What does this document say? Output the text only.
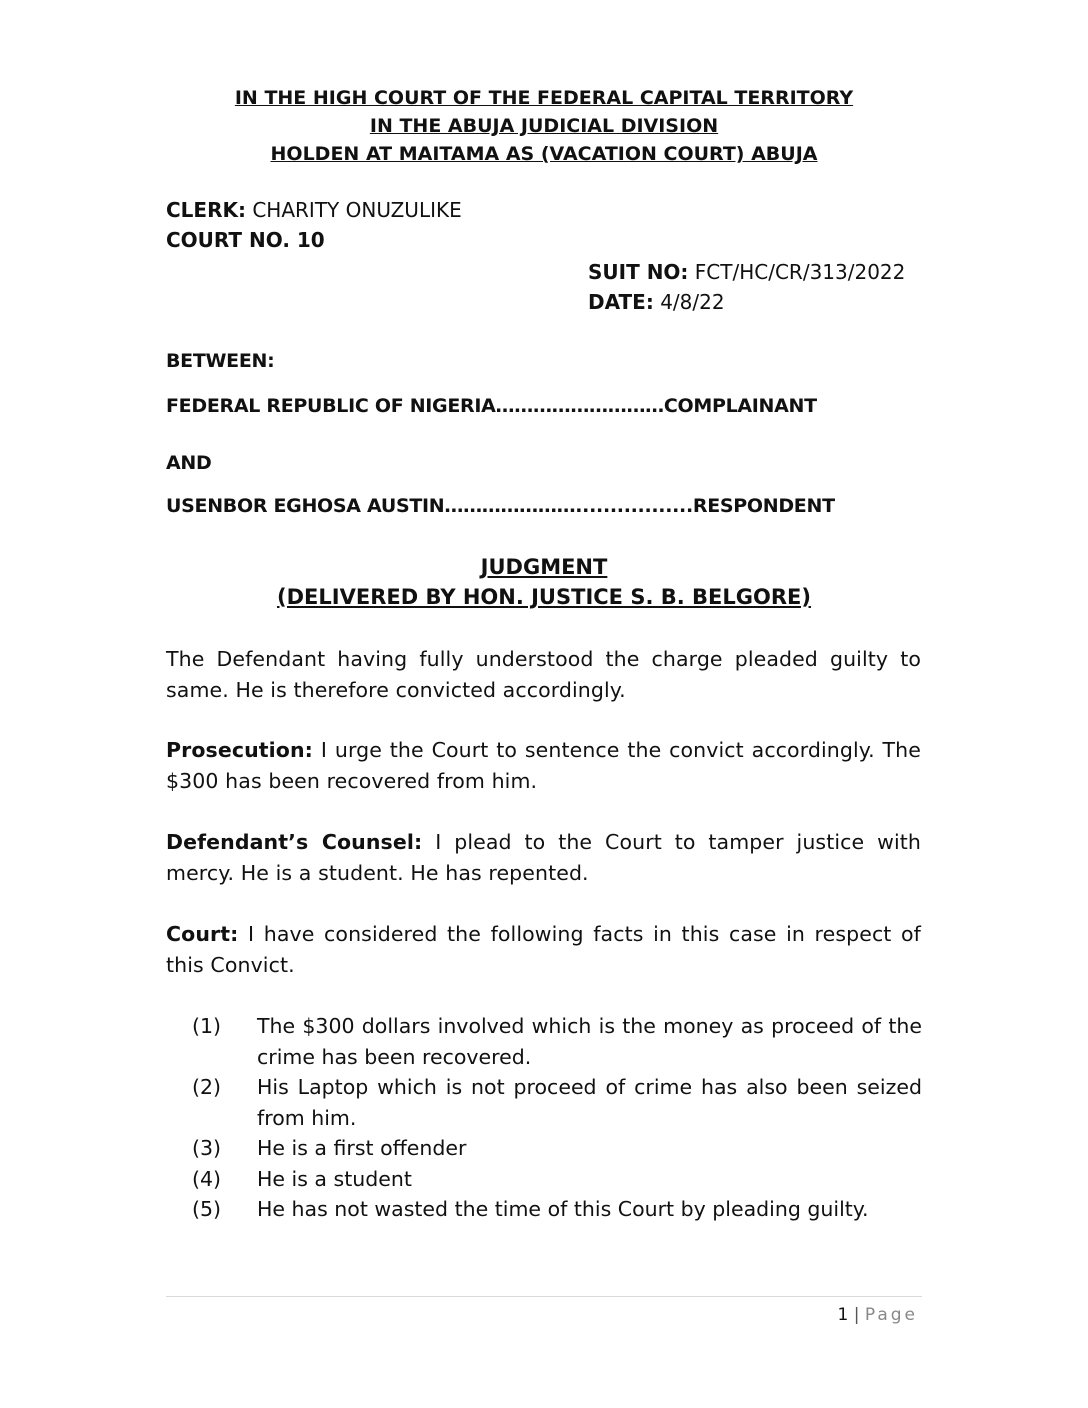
IN THE HIGH COURT OF THE FEDERAL CAPITAL TERRITORY
IN THE ABUJA JUDICIAL DIVISION
HOLDEN AT MAITAMA AS (VACATION COURT) ABUJA
CLERK: CHARITY ONUZULIKE
COURT NO. 10
SUIT NO: FCT/HC/CR/313/2022
DATE: 4/8/22
BETWEEN:
FEDERAL REPUBLIC OF NIGERIA………………………COMPLAINANT
AND
USENBOR EGHOSA AUSTIN………………….................RESPONDENT
JUDGMENT
(DELIVERED BY HON. JUSTICE S. B. BELGORE)
The Defendant having fully understood the charge pleaded guilty to same. He is therefore convicted accordingly.
Prosecution: I urge the Court to sentence the convict accordingly. The $300 has been recovered from him.
Defendant’s Counsel: I plead to the Court to tamper justice with mercy. He is a student. He has repented.
Court: I have considered the following facts in this case in respect of this Convict.
(1)	The $300 dollars involved which is the money as proceed of the crime has been recovered.
(2)	His Laptop which is not proceed of crime has also been seized from him.
(3)	He is a first offender
(4)	He is a student
(5)	He has not wasted the time of this Court by pleading guilty.
1 | Page
